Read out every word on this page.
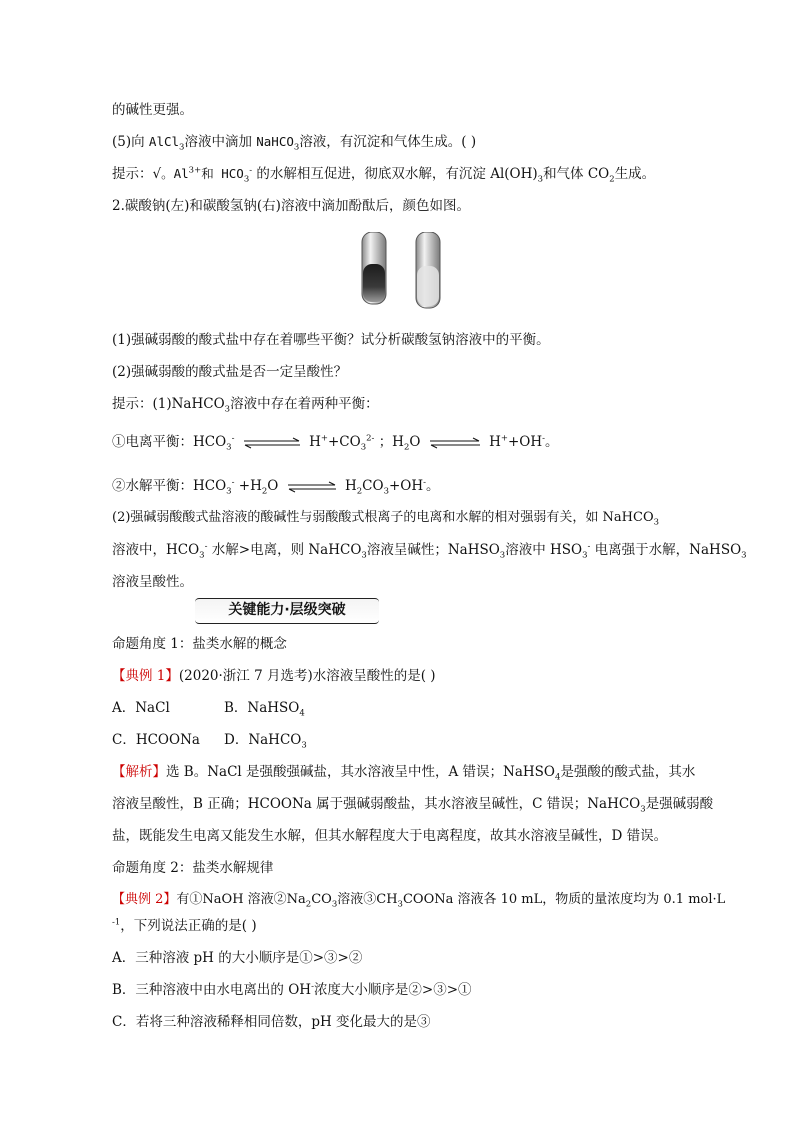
的碱性更强。
(5)向 AlCl$_3$溶液中滴加 NaHCO$_3$溶液，有沉淀和气体生成。( )
提示：√。$Al^{3+}$和 $HCO_3^-$ 的水解相互促进，彻底双水解，有沉淀 $Al(OH)_3$和气体 $CO_2$生成。
2.碳酸钠(左)和碳酸氢钠(右)溶液中滴加酚酞后，颜色如图。
(1)强碱弱酸的酸式盐中存在着哪些平衡？试分析碳酸氢钠溶液中的平衡。
(2)强碱弱酸的酸式盐是否一定呈酸性？
提示：(1)NaHCO$_3$溶液中存在着两种平衡：
①电离平衡：$HCO_3^-$	$H^++CO_3^{2-}$ ；$H_2O$ ⇌ H++OH-。
②水解平衡：$HCO_3^- +H_2O$ ⇌ $H_2CO_3+OH^-$。
(2)强碱弱酸酸式盐溶液的酸碱性与弱酸酸式根离子的电离和水解的相对强弱有关，如 NaHCO$_3$
溶液中，$HCO_3^-$ 水解>电离，则 NaHCO$_3$溶液呈碱性；NaHSO$_3$溶液中 $HSO_3^-$ 电离强于水解，NaHSO$_3$
溶液呈酸性。
关键能力·层级突破
命题角度 1：盐类水解的概念
【典例 1】(2020·浙江 7 月选考)水溶液呈酸性的是( )
A．NaCl	B．NaHSO$_4$
C．HCOONa D．NaHCO$_3$
【解析】选 B。NaCl 是强酸强碱盐，其水溶液呈中性，A 错误；NaHSO$_4$是强酸的酸式盐，其水
溶液呈酸性，B 正确；HCOONa 属于强碱弱酸盐，其水溶液呈碱性，C 错误；NaHCO$_3$是强碱弱酸
盐，既能发生电离又能发生水解，但其水解程度大于电离程度，故其水溶液呈碱性，D 错误。
命题角度 2：盐类水解规律
【典例 2】有①NaOH 溶液$②Na_2CO_3$溶液$③CH_3COONa$ 溶液各 10 mL，物质的量浓度均为 0.1 mol·L
$^{-1}$，下列说法正确的是( )
A．三种溶液 pH 的大小顺序是①>③>②
B．三种溶液中由水电离出的 OH-浓度大小顺序是②>③>①
C．若将三种溶液稀释相同倍数，pH 变化最大的是③
